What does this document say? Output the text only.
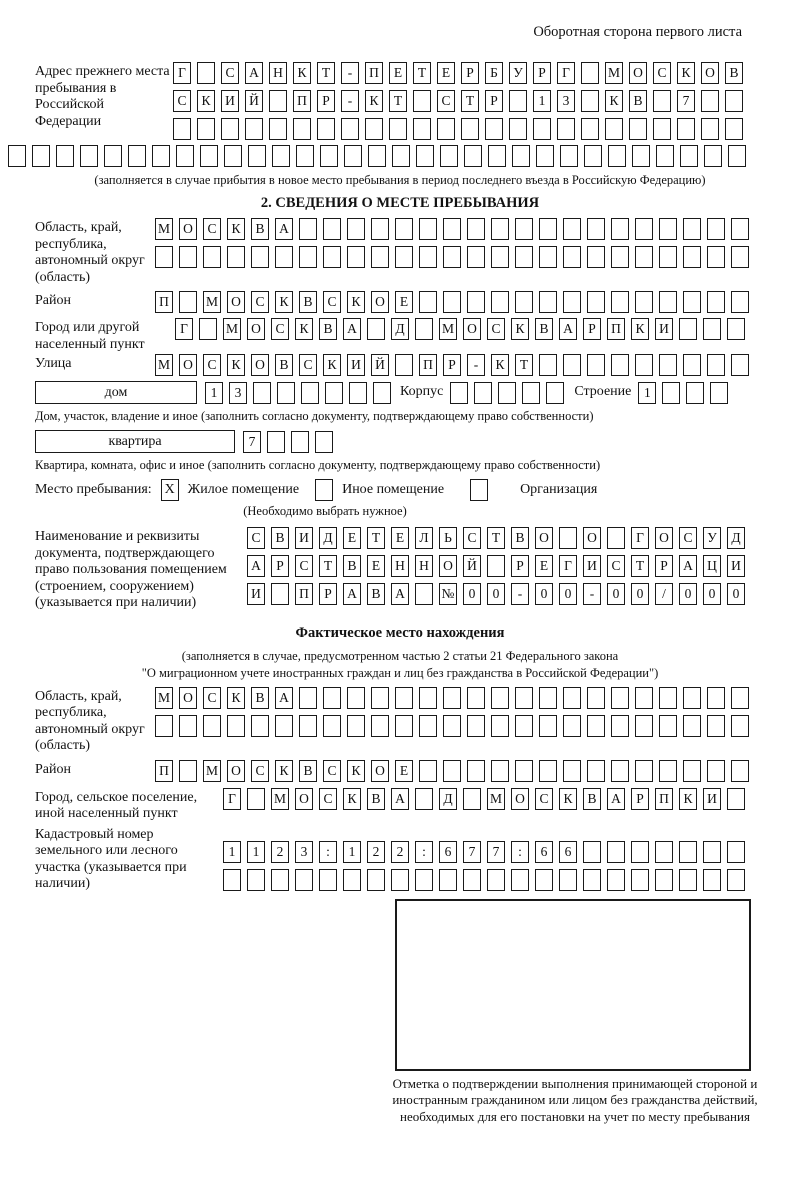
Оборотная сторона первого листа
Адрес прежнего места пребывания в Российской Федерации
Г	С	А	Н	К	Т	-	П	Е	Т	Е	Р	Б	У	Р	Г	М О	С	К	О	В
С	К	И	Й	П	Р	-	К	Т	С	Т	Р	1	3	К	В	7
(заполняется в случае прибытия в новое место пребывания в период последнего въезда в Российскую Федерацию)
2. СВЕДЕНИЯ О МЕСТЕ ПРЕБЫВАНИЯ
Область, край, республика, автономный округ (область)
М О	С	К	В	А
Район	П	М О	С	К	В	С	К	О	Е
Город или другой населенный пункт
Г	М О	С	К	В	А	Д	М О	С	К	В	А	Р	П	К	И
Улица	М О	С	К	О	В	С	К	И	Й	П	Р	-	К	Т
дом	1	3	Корпус	Строение 1
Дом, участок, владение и иное (заполнить согласно документу, подтверждающему право собственности)
квартира	7
Квартира, комната, офис и иное (заполнить согласно документу, подтверждающему право собственности)
Место пребывания: X Жилое помещение	Иное помещение	Организация
(Необходимо выбрать нужное)
Наименование и реквизиты документа, подтверждающего право пользования помещением (строением, сооружением) (указывается при наличии)
С	В	И	Д	Е	Т	Е	Л	Ь	С	Т	В	О	О	Г	О	С	У	Д
А	Р	С	Т	В	Е	Н	Н	О	Й	Р	Е	Г	И	С	Т	Р	А	Ц	И
И	П	Р	А	В	А	№	0	0	-	0	0	-	0	0	/	0	0	0
Фактическое место нахождения
(заполняется в случае, предусмотренном частью 2 статьи 21 Федерального закона
"О миграционном учете иностранных граждан и лиц без гражданства в Российской Федерации")
Область, край, республика, автономный округ (область)
М О	С	К	В	А
Район	П	М О	С	К	В	С	К	О	Е
Город, сельское поселение, иной населенный пункт
Г	М О	С	К	В	А	Д	М О	С	К	В	А	Р	П	К	И
Кадастровый номер земельного или лесного участка (указывается при наличии)
1	1	2	3	:	1	2	2	:	6	7	7	:	6	6
Отметка о подтверждении выполнения принимающей стороной и иностранным гражданином или лицом без гражданства действий, необходимых для его постановки на учет по месту пребывания
